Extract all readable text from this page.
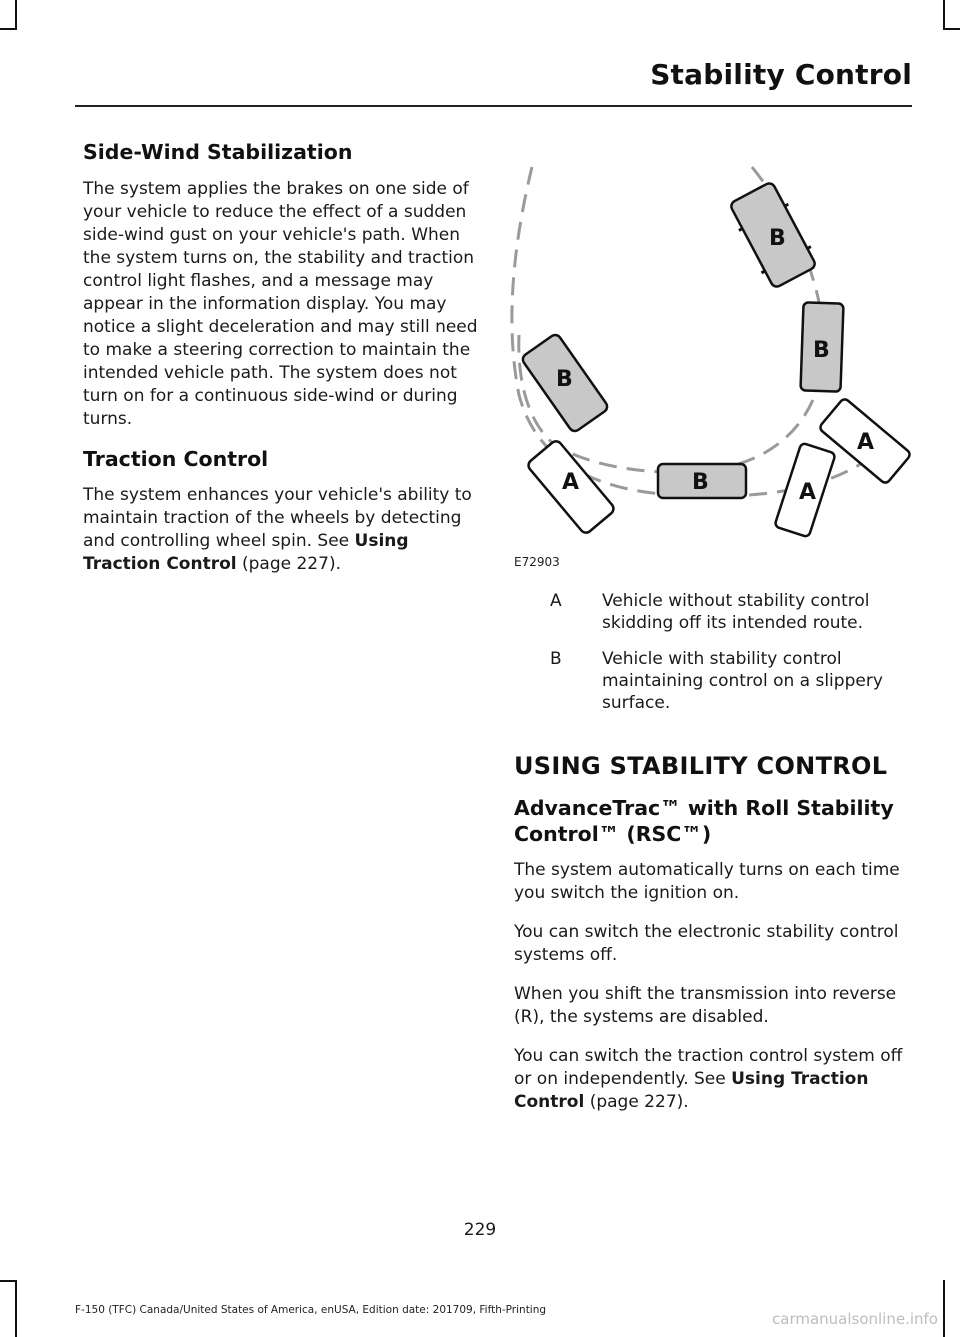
Stability Control
Side-Wind Stabilization

The system applies the brakes on one side of your vehicle to reduce the effect of a sudden side-wind gust on your vehicle's path. When the system turns on, the stability and traction control light flashes, and a message may appear in the information display. You may notice a slight deceleration and may still need to make a steering correction to maintain the intended vehicle path. The system does not turn on for a continuous side-wind or during turns.

Traction Control

The system enhances your vehicle's ability to maintain traction of the wheels by detecting and controlling wheel spin. See Using Traction Control (page 227).

B
B
B
B
A	A
A
E72903
A	Vehicle without stability control skidding off its intended route.
B	Vehicle with stability control maintaining control on a slippery surface.
USING STABILITY CONTROL
AdvanceTrac™ with Roll Stability Control™ (RSC™)

The system automatically turns on each time you switch the ignition on.

You can switch the electronic stability control systems off.

When you shift the transmission into reverse (R), the systems are disabled.

You can switch the traction control system off or on independently. See Using Traction Control (page 227).

229
F-150 (TFC) Canada/United States of America, enUSA, Edition date: 201709, Fifth-Printing	carmanualsonline.info
